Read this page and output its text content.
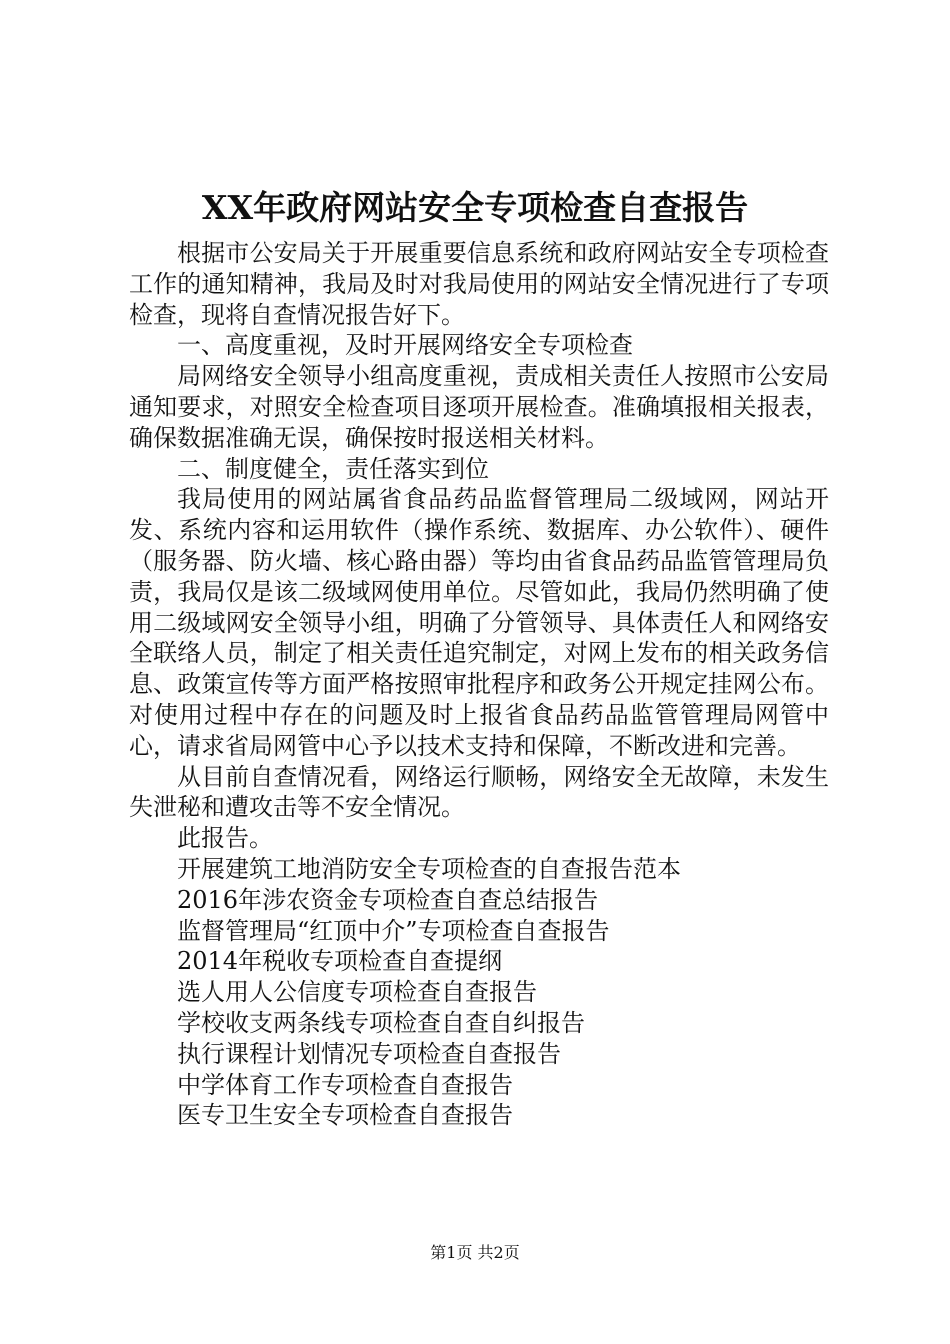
XX年政府网站安全专项检查自查报告

根据市公安局关于开展重要信息系统和政府网站安全专项检查工作的通知精神，我局及时对我局使用的网站安全情况进行了专项检查，现将自查情况报告好下。

一、高度重视，及时开展网络安全专项检查

局网络安全领导小组高度重视，责成相关责任人按照市公安局通知要求，对照安全检查项目逐项开展检查。准确填报相关报表，确保数据准确无误，确保按时报送相关材料。

二、制度健全，责任落实到位

我局使用的网站属省食品药品监督管理局二级域网，网站开发、系统内容和运用软件（操作系统、数据库、办公软件）、硬件（服务器、防火墙、核心路由器）等均由省食品药品监管管理局负责，我局仅是该二级域网使用单位。尽管如此，我局仍然明确了使用二级域网安全领导小组，明确了分管领导、具体责任人和网络安全联络人员，制定了相关责任追究制定，对网上发布的相关政务信息、政策宣传等方面严格按照审批程序和政务公开规定挂网公布。对使用过程中存在的问题及时上报省食品药品监管管理局网管中心，请求省局网管中心予以技术支持和保障，不断改进和完善。

从目前自查情况看，网络运行顺畅，网络安全无故障，未发生失泄秘和遭攻击等不安全情况。

此报告。

开展建筑工地消防安全专项检查的自查报告范本
2016年涉农资金专项检查自查总结报告
监督管理局“红顶中介”专项检查自查报告
2014年税收专项检查自查提纲
选人用人公信度专项检查自查报告
学校收支两条线专项检查自查自纠报告
执行课程计划情况专项检查自查报告
中学体育工作专项检查自查报告
医专卫生安全专项检查自查报告
第1页 共2页
